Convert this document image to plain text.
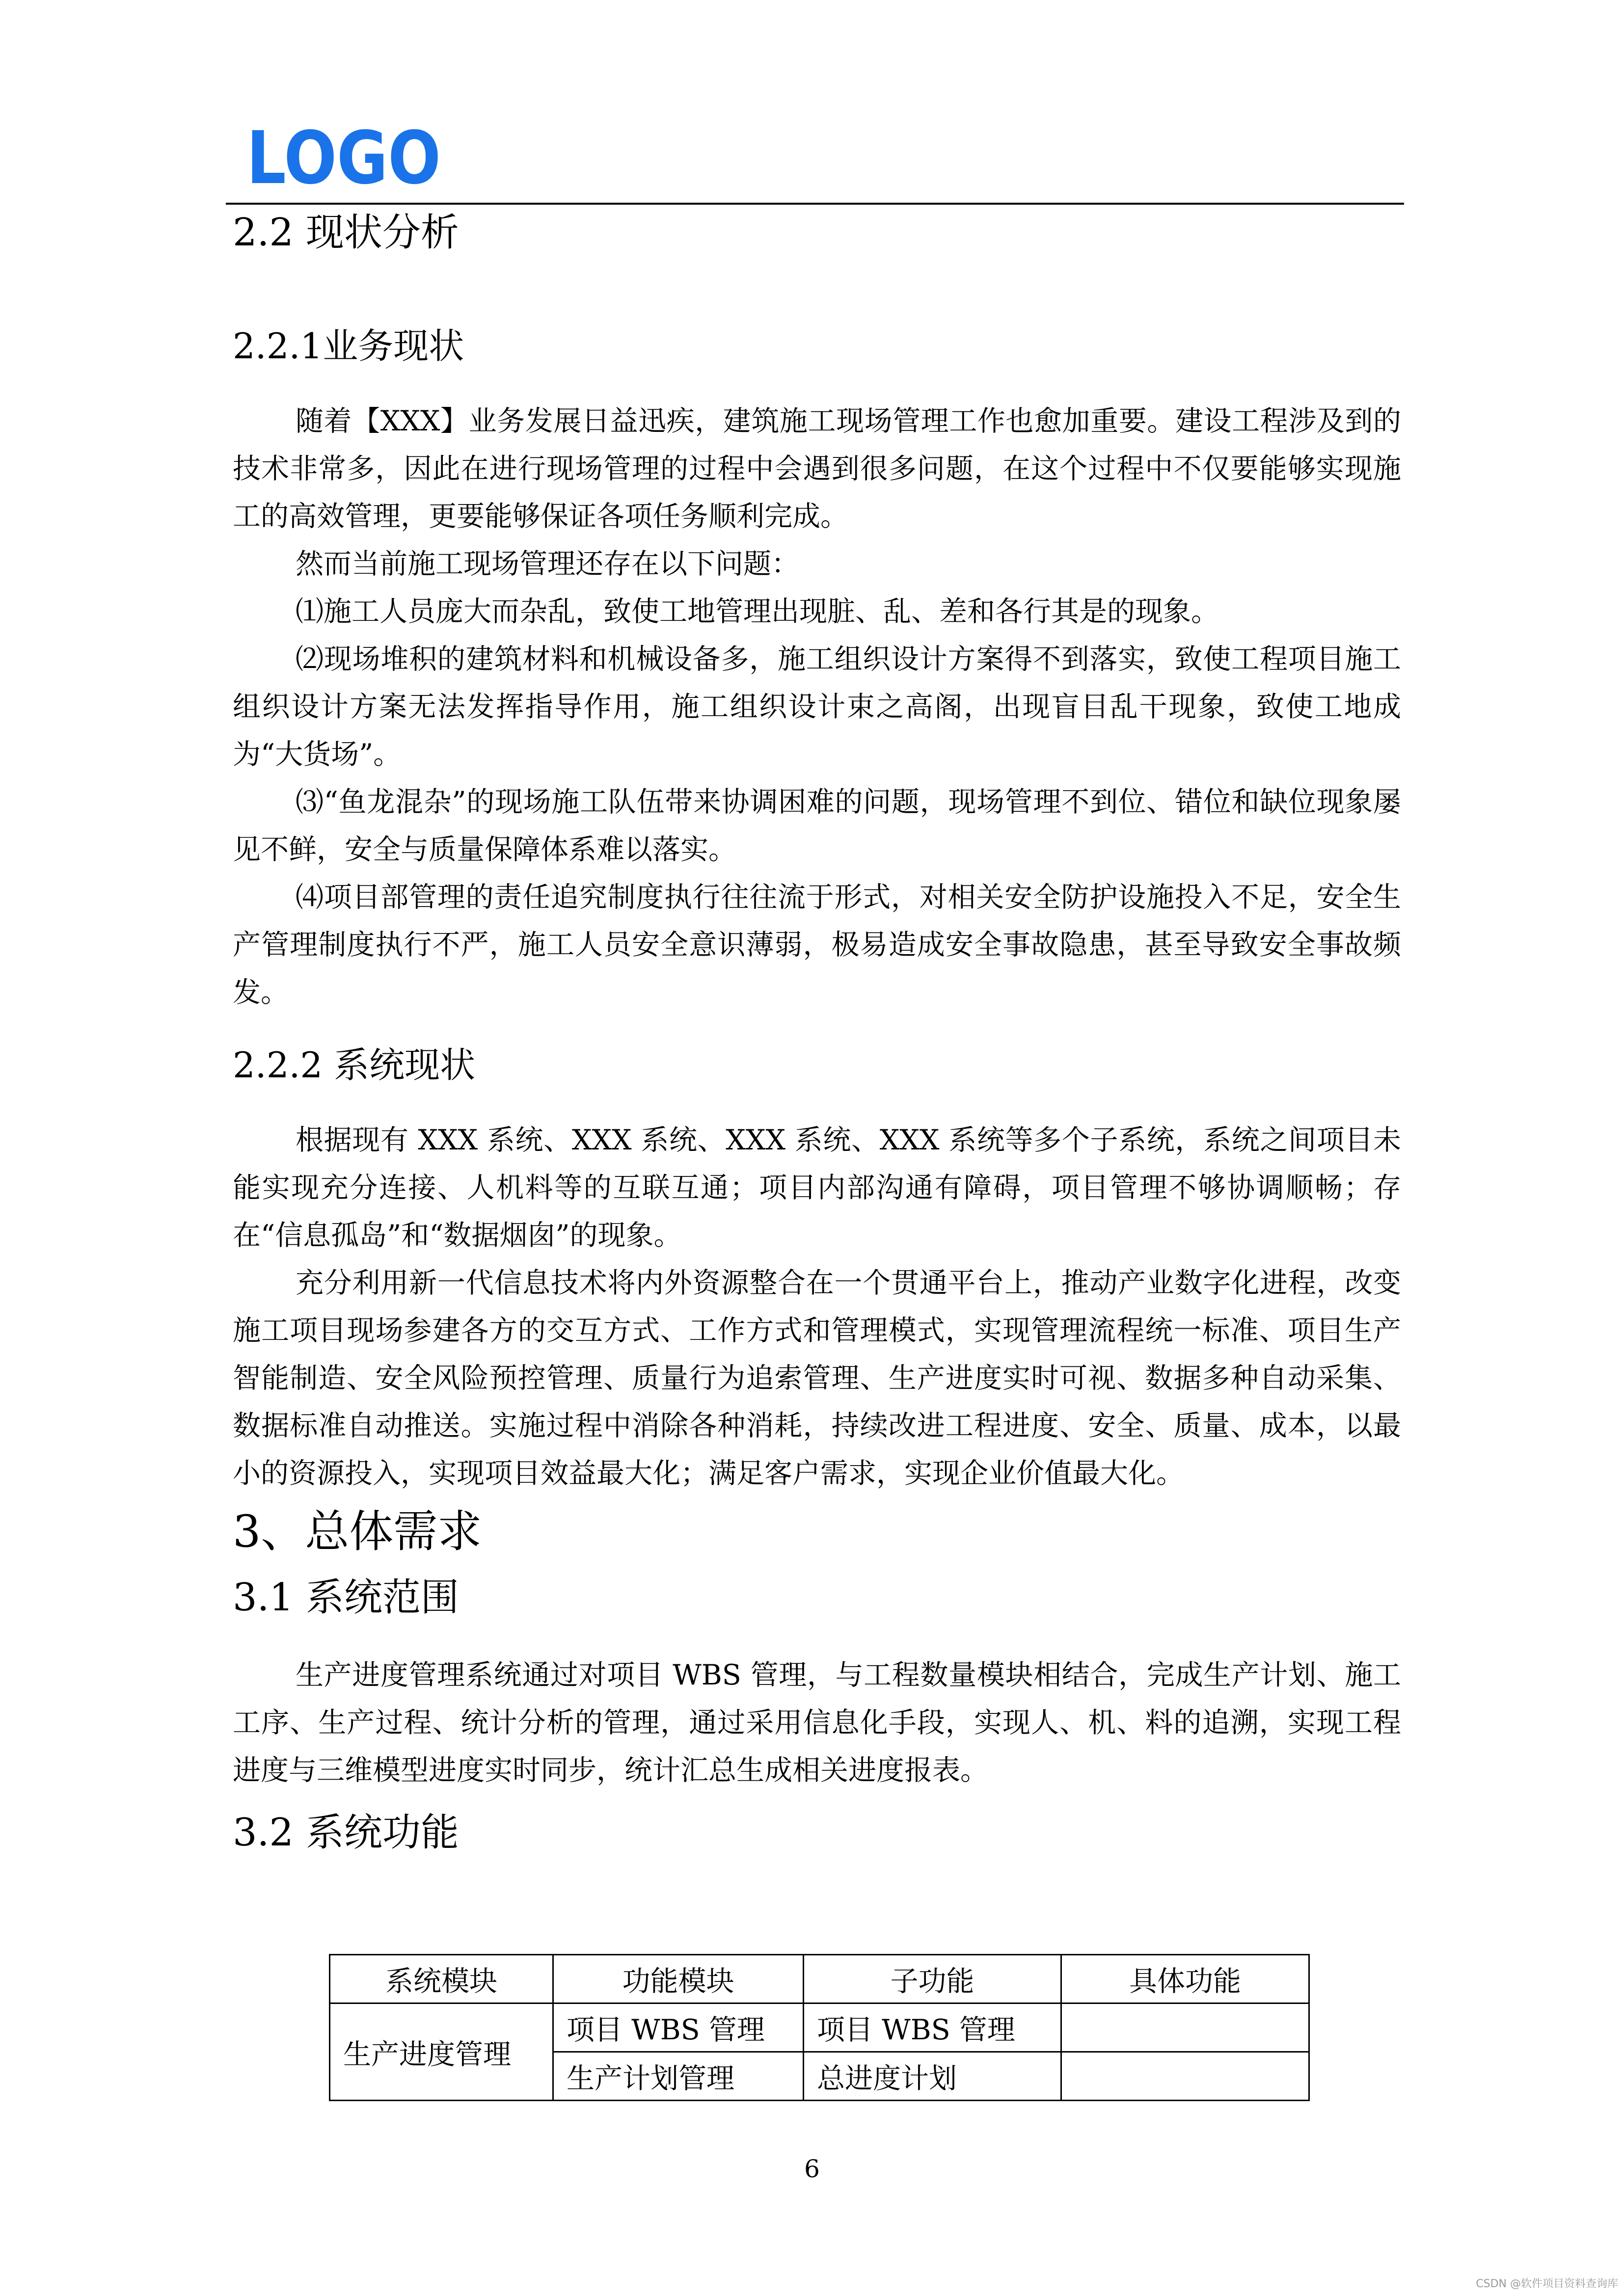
LOGO
2.2 现状分析
2.2.1业务现状

随着【XXX】业务发展日益迅疾，建筑施工现场管理工作也愈加重要。建设工程涉及到的技术非常多，因此在进行现场管理的过程中会遇到很多问题，在这个过程中不仅要能够实现施工的高效管理，更要能够保证各项任务顺利完成。

然而当前施工现场管理还存在以下问题：

⑴施工人员庞大而杂乱，致使工地管理出现脏、乱、差和各行其是的现象。

⑵现场堆积的建筑材料和机械设备多，施工组织设计方案得不到落实，致使工程项目施工组织设计方案无法发挥指导作用，施工组织设计束之高阁，出现盲目乱干现象，致使工地成为“大货场”。

⑶“鱼龙混杂”的现场施工队伍带来协调困难的问题，现场管理不到位、错位和缺位现象屡见不鲜，安全与质量保障体系难以落实。

⑷项目部管理的责任追究制度执行往往流于形式，对相关安全防护设施投入不足，安全生产管理制度执行不严，施工人员安全意识薄弱，极易造成安全事故隐患，甚至导致安全事故频发。

2.2.2 系统现状

根据现有 XXX 系统、XXX 系统、XXX 系统、XXX 系统等多个子系统，系统之间项目未能实现充分连接、人机料等的互联互通；项目内部沟通有障碍，项目管理不够协调顺畅；存在“信息孤岛”和“数据烟囱”的现象。

充分利用新一代信息技术将内外资源整合在一个贯通平台上，推动产业数字化进程，改变施工项目现场参建各方的交互方式、工作方式和管理模式，实现管理流程统一标准、项目生产智能制造、安全风险预控管理、质量行为追索管理、生产进度实时可视、数据多种自动采集、数据标准自动推送。实施过程中消除各种消耗，持续改进工程进度、安全、质量、成本，以最小的资源投入，实现项目效益最大化；满足客户需求，实现企业价值最大化。

3、总体需求
3.1 系统范围

生产进度管理系统通过对项目 WBS 管理，与工程数量模块相结合，完成生产计划、施工工序、生产过程、统计分析的管理，通过采用信息化手段，实现人、机、料的追溯，实现工程进度与三维模型进度实时同步，统计汇总生成相关进度报表。

3.2 系统功能
系统模块	功能模块	子功能	具体功能
生产进度管理	项目 WBS 管理	项目 WBS 管理	
	生产计划管理	总进度计划	
6
CSDN @软件项目资料查询库
